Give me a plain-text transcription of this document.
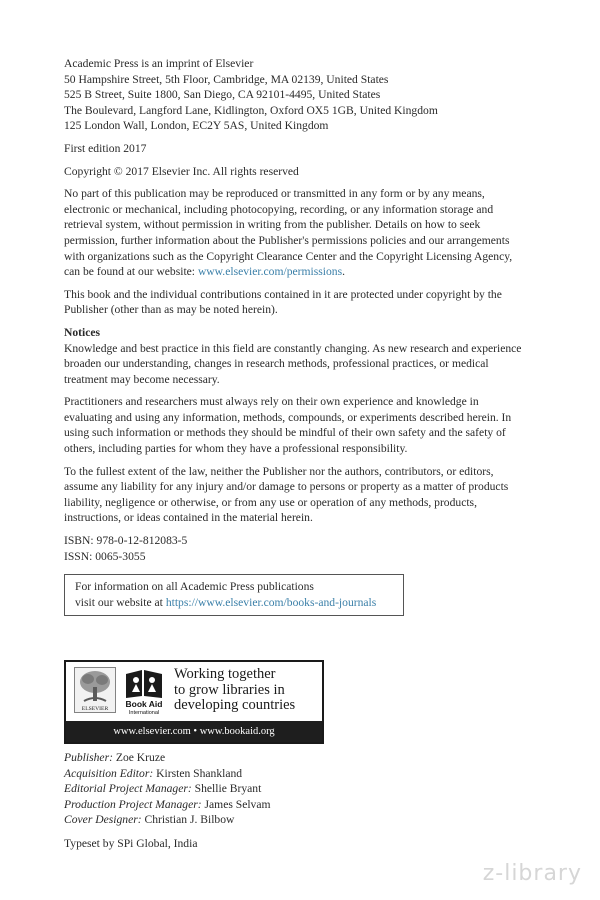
Academic Press is an imprint of Elsevier

50 Hampshire Street, 5th Floor, Cambridge, MA 02139, United States

525 B Street, Suite 1800, San Diego, CA 92101-4495, United States

The Boulevard, Langford Lane, Kidlington, Oxford OX5 1GB, United Kingdom

125 London Wall, London, EC2Y 5AS, United Kingdom

First edition 2017

Copyright © 2017 Elsevier Inc. All rights reserved

No part of this publication may be reproduced or transmitted in any form or by any means, electronic or mechanical, including photocopying, recording, or any information storage and retrieval system, without permission in writing from the publisher. Details on how to seek permission, further information about the Publisher's permissions policies and our arrangements with organizations such as the Copyright Clearance Center and the Copyright Licensing Agency, can be found at our website: www.elsevier.com/permissions.

This book and the individual contributions contained in it are protected under copyright by the Publisher (other than as may be noted herein).

Notices

Knowledge and best practice in this field are constantly changing. As new research and experience broaden our understanding, changes in research methods, professional practices, or medical treatment may become necessary.

Practitioners and researchers must always rely on their own experience and knowledge in evaluating and using any information, methods, compounds, or experiments described herein. In using such information or methods they should be mindful of their own safety and the safety of others, including parties for whom they have a professional responsibility.

To the fullest extent of the law, neither the Publisher nor the authors, contributors, or editors, assume any liability for any injury and/or damage to persons or property as a matter of products liability, negligence or otherwise, or from any use or operation of any methods, products, instructions, or ideas contained in the material herein.

ISBN: 978-0-12-812083-5

ISSN: 0065-3055

For information on all Academic Press publications

visit our website at https://www.elsevier.com/books-and-journals

ELSEVIER Book Aid
International

Working together

to grow libraries in

developing countries

www.elsevier.com • www.bookaid.org

Publisher: Zoe Kruze

Acquisition Editor: Kirsten Shankland

Editorial Project Manager: Shellie Bryant

Production Project Manager: James Selvam

Cover Designer: Christian J. Bilbow

Typeset by SPi Global, India

z-library
